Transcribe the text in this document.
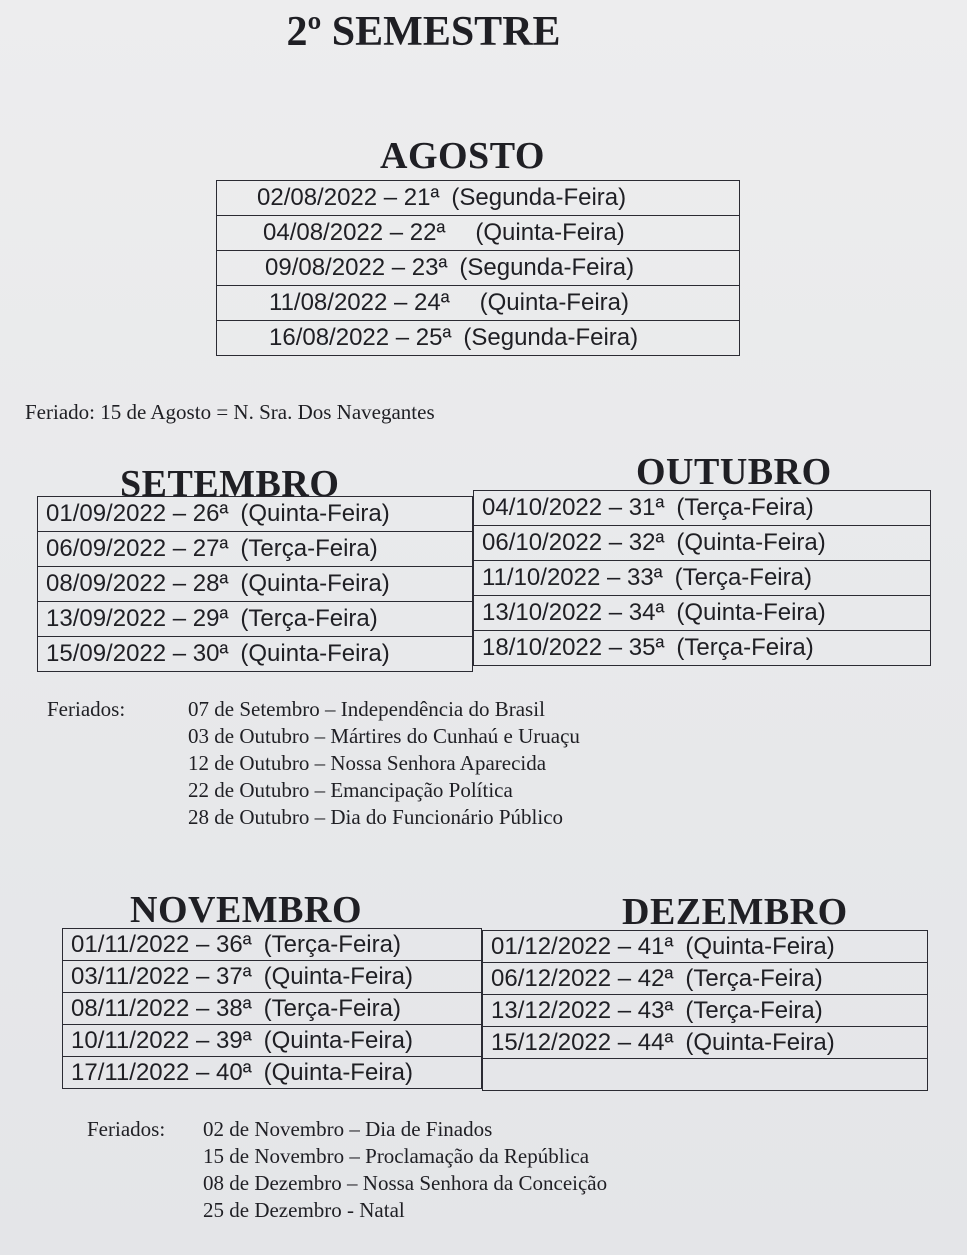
2º SEMESTRE
AGOSTO
02/08/2022 – 21ª (Segunda-Feira)
04/08/2022 – 22ª (Quinta-Feira)
09/08/2022 – 23ª (Segunda-Feira)
11/08/2022 – 24ª (Quinta-Feira)
16/08/2022 – 25ª (Segunda-Feira)
Feriado: 15 de Agosto = N. Sra. Dos Navegantes
SETEMBRO	OUTUBRO
01/09/2022 – 26ª (Quinta-Feira)
06/09/2022 – 27ª (Terça-Feira)
08/09/2022 – 28ª (Quinta-Feira)
13/09/2022 – 29ª (Terça-Feira)
15/09/2022 – 30ª (Quinta-Feira)
04/10/2022 – 31ª (Terça-Feira)
06/10/2022 – 32ª (Quinta-Feira)
11/10/2022 – 33ª (Terça-Feira)
13/10/2022 – 34ª (Quinta-Feira)
18/10/2022 – 35ª (Terça-Feira)
Feriados:	07 de Setembro – Independência do Brasil
03 de Outubro – Mártires do Cunhaú e Uruaçu
12 de Outubro – Nossa Senhora Aparecida
22 de Outubro – Emancipação Política
28 de Outubro – Dia do Funcionário Público
NOVEMBRO	DEZEMBRO
01/11/2022 – 36ª (Terça-Feira)
03/11/2022 – 37ª (Quinta-Feira)
08/11/2022 – 38ª (Terça-Feira)
10/11/2022 – 39ª (Quinta-Feira)
17/11/2022 – 40ª (Quinta-Feira)
01/12/2022 – 41ª (Quinta-Feira)
06/12/2022 – 42ª (Terça-Feira)
13/12/2022 – 43ª (Terça-Feira)
15/12/2022 – 44ª (Quinta-Feira)

Feriados: 02 de Novembro – Dia de Finados
15 de Novembro – Proclamação da República
08 de Dezembro – Nossa Senhora da Conceição
25 de Dezembro - Natal
